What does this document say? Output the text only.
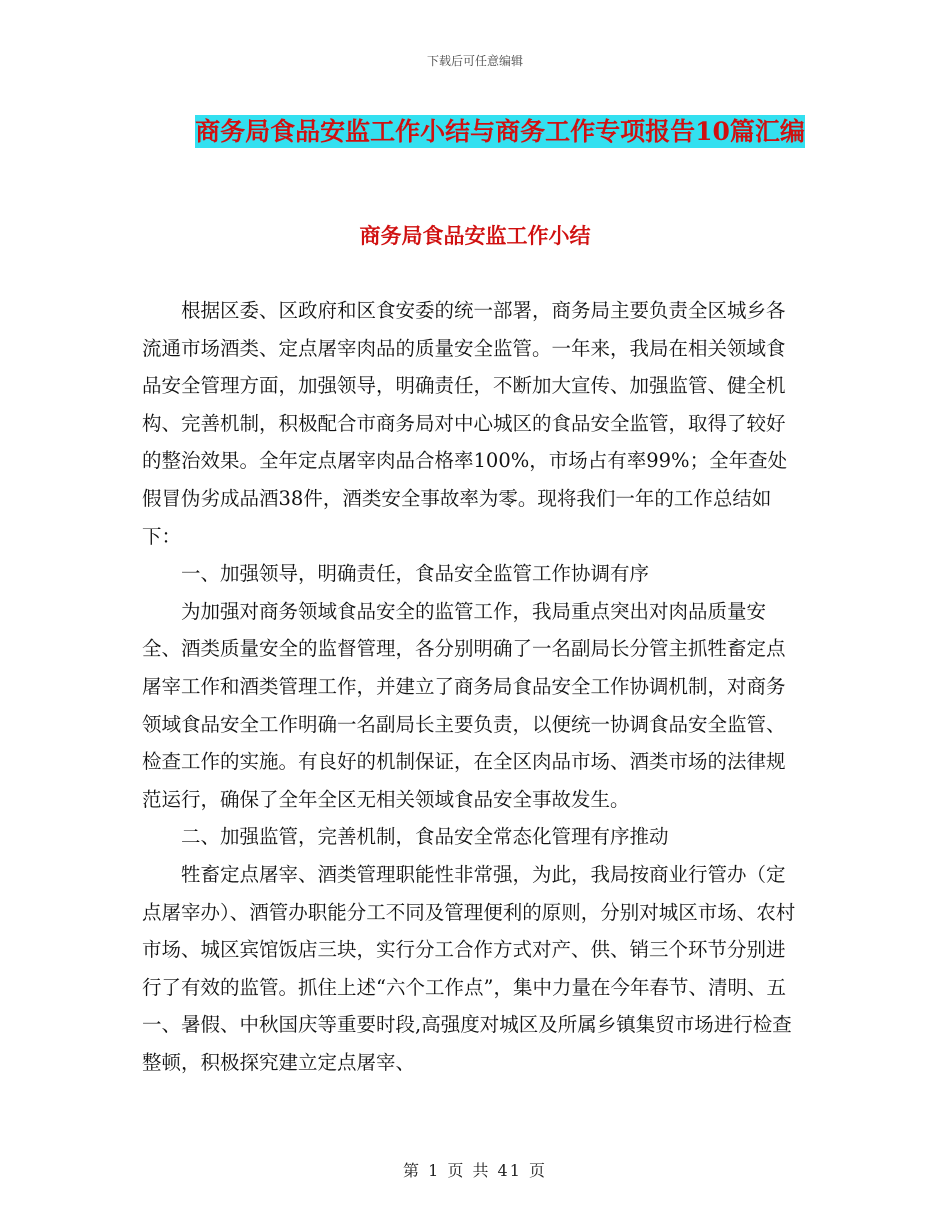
下载后可任意编辑
商务局食品安监工作小结与商务工作专项报告10篇汇编
商务局食品安监工作小结

　　根据区委、区政府和区食安委的统一部署，商务局主要负责全区城乡各流通市场酒类、定点屠宰肉品的质量安全监管。一年来，我局在相关领域食品安全管理方面，加强领导，明确责任，不断加大宣传、加强监管、健全机构、完善机制，积极配合市商务局对中心城区的食品安全监管，取得了较好的整治效果。全年定点屠宰肉品合格率100%，市场占有率99%；全年查处假冒伪劣成品酒38件，酒类安全事故率为零。现将我们一年的工作总结如下：

　　一、加强领导，明确责任，食品安全监管工作协调有序

　　为加强对商务领域食品安全的监管工作，我局重点突出对肉品质量安全、酒类质量安全的监督管理，各分别明确了一名副局长分管主抓牲畜定点屠宰工作和酒类管理工作，并建立了商务局食品安全工作协调机制，对商务领域食品安全工作明确一名副局长主要负责，以便统一协调食品安全监管、检查工作的实施。有良好的机制保证，在全区肉品市场、酒类市场的法律规范运行，确保了全年全区无相关领域食品安全事故发生。

　　二、加强监管，完善机制，食品安全常态化管理有序推动

　　牲畜定点屠宰、酒类管理职能性非常强，为此，我局按商业行管办（定点屠宰办）、酒管办职能分工不同及管理便利的原则，分别对城区市场、农村市场、城区宾馆饭店三块，实行分工合作方式对产、供、销三个环节分别进行了有效的监管。抓住上述“六个工作点”，集中力量在今年春节、清明、五一、暑假、中秋国庆等重要时段,高强度对城区及所属乡镇集贸市场进行检查整顿，积极探究建立定点屠宰、

第 1 页 共 41 页
